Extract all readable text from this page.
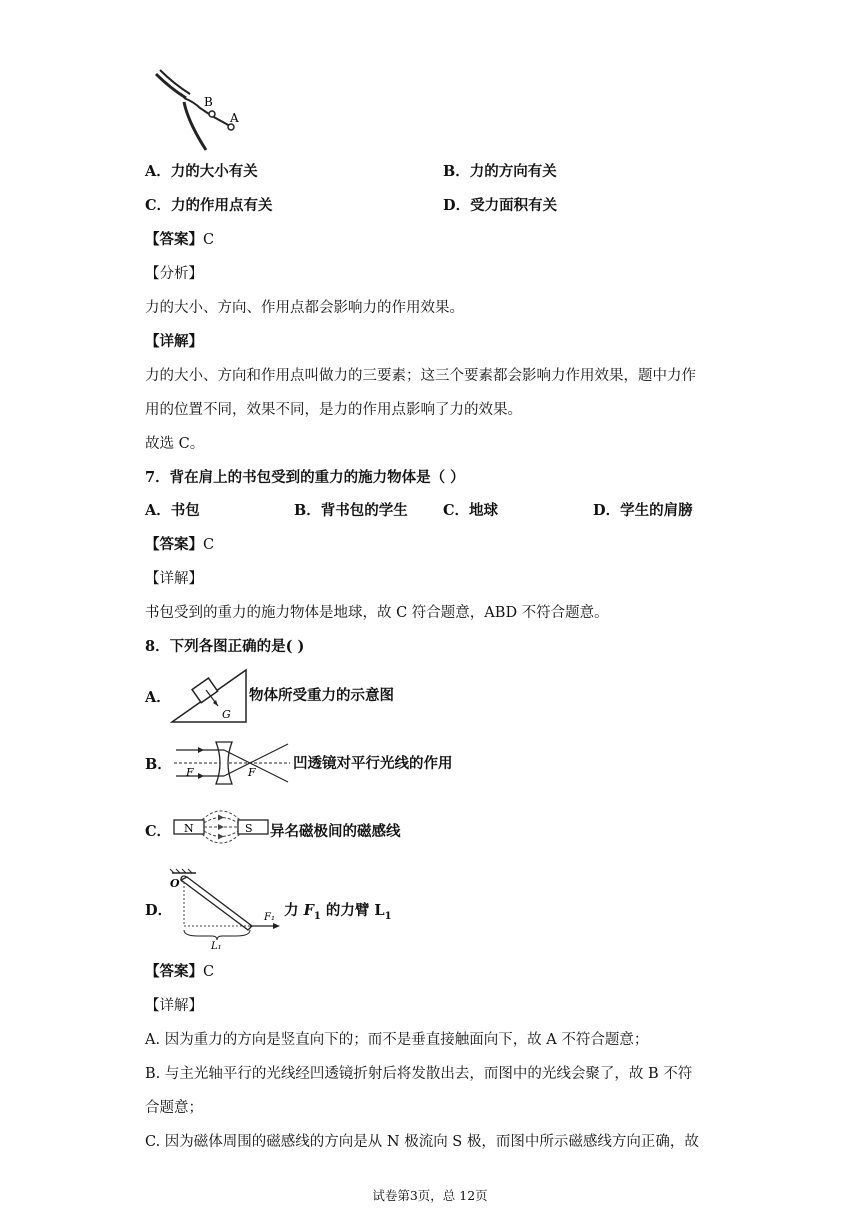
B
A
A．力的大小有关	B．力的方向有关
C．力的作用点有关	D．受力面积有关
【答案】C
【分析】
力的大小、方向、作用点都会影响力的作用效果。
【详解】
力的大小、方向和作用点叫做力的三要素；这三个要素都会影响力作用效果，题中力作
用的位置不同，效果不同，是力的作用点影响了力的效果。
故选 C。
7．背在肩上的书包受到的重力的施力物体是（ ）
A．书包	B．背书包的学生 C．地球	D．学生的肩膀
【答案】C
【详解】
书包受到的重力的施力物体是地球，故 C 符合题意，ABD 不符合题意。
8．下列各图正确的是( )
A．
G
物体所受重力的示意图
B． F	F
凹透镜对平行光线的作用
C． N	S 异名磁极间的磁感线
D．
O
F₁
L₁
力 $F_1$ 的力臂 $L_1$
【答案】C
【详解】
A. 因为重力的方向是竖直向下的；而不是垂直接触面向下，故 A 不符合题意；
B. 与主光轴平行的光线经凹透镜折射后将发散出去，而图中的光线会聚了，故 B 不符
合题意；
C. 因为磁体周围的磁感线的方向是从 N 极流向 S 极，而图中所示磁感线方向正确，故
试卷第3页，总 12页
